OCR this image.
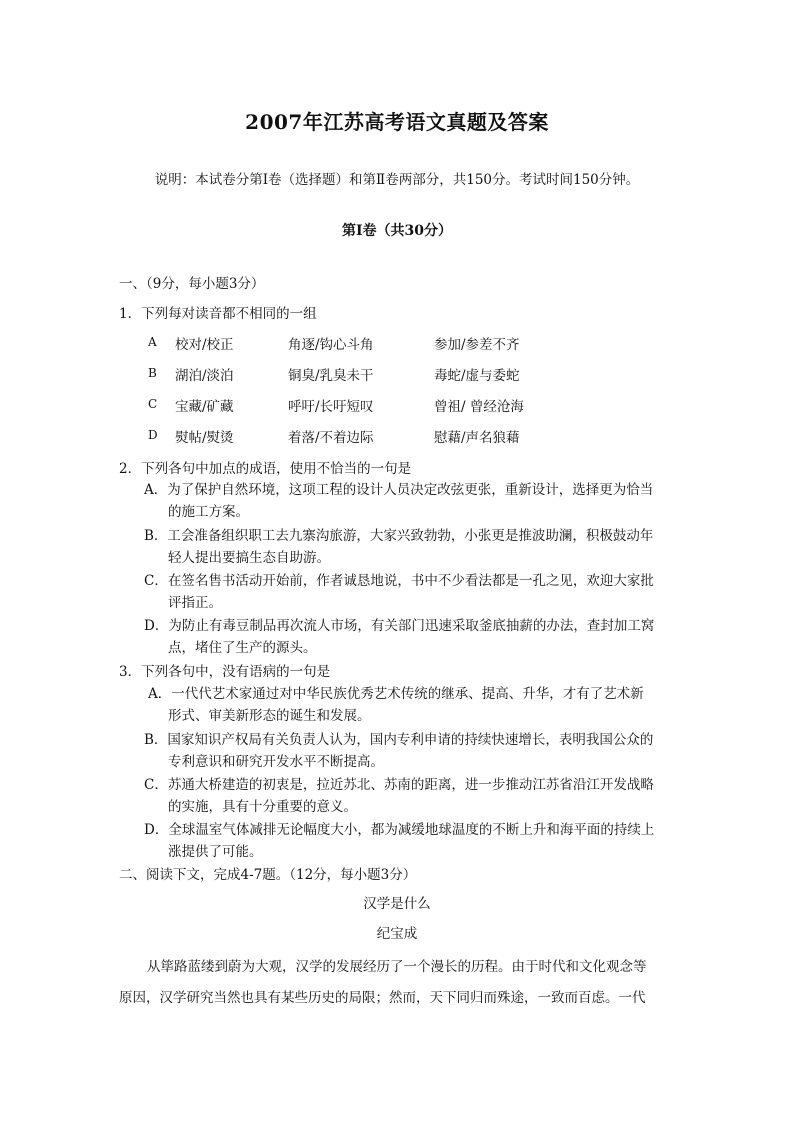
2007年江苏高考语文真题及答案
说明：本试卷分第Ⅰ卷（选择题）和第Ⅱ卷两部分，共150分。考试时间150分钟。
第Ⅰ卷（共30分）
一、（9分，每小题3分）
1．下列每对读音都不相同的一组
A 校对/校正	角逐/钩心斗角	参加/参差不齐
B 湖泊/淡泊	铜臭/乳臭未干	毒蛇/虚与委蛇
C 宝藏/矿藏	呼吁/长吁短叹	曾祖/ 曾经沧海
D 熨帖/熨烫	着落/不着边际	慰藉/声名狼藉
2．下列各句中加点的成语，使用不恰当的一句是
A．为了保护自然环境，这项工程的设计人员决定改弦更张，重新设计，选择更为恰当
的施工方案。
B．工会准备组织职工去九寨沟旅游，大家兴致勃勃，小张更是推波助澜，积极鼓动年
轻人提出要搞生态自助游。
C．在签名售书活动开始前，作者诚恳地说，书中不少看法都是一孔之见，欢迎大家批
评指正。
D．为防止有毒豆制品再次流人市场，有关部门迅速采取釜底抽薪的办法，查封加工窝
点，堵住了生产的源头。
3．下列各句中，没有语病的一句是
A．一代代艺术家通过对中华民族优秀艺术传统的继承、提高、升华，才有了艺术新
形式、审美新形态的诞生和发展。
B．国家知识产权局有关负责人认为，国内专利申请的持续快速增长，表明我国公众的
专利意识和研究开发水平不断提高。
C．苏通大桥建造的初衷是，拉近苏北、苏南的距离，进一步推动江苏省沿江开发战略
的实施，具有十分重要的意义。
D．全球温室气体减排无论幅度大小，都为减缓地球温度的不断上升和海平面的持续上
涨提供了可能。
二、阅读下文，完成4-7题。（12分，每小题3分）
汉学是什么
纪宝成
从筚路蓝缕到蔚为大观，汉学的发展经历了一个漫长的历程。由于时代和文化观念等
原因，汉学研究当然也具有某些历史的局限；然而，天下同归而殊途，一致而百虑。一代
